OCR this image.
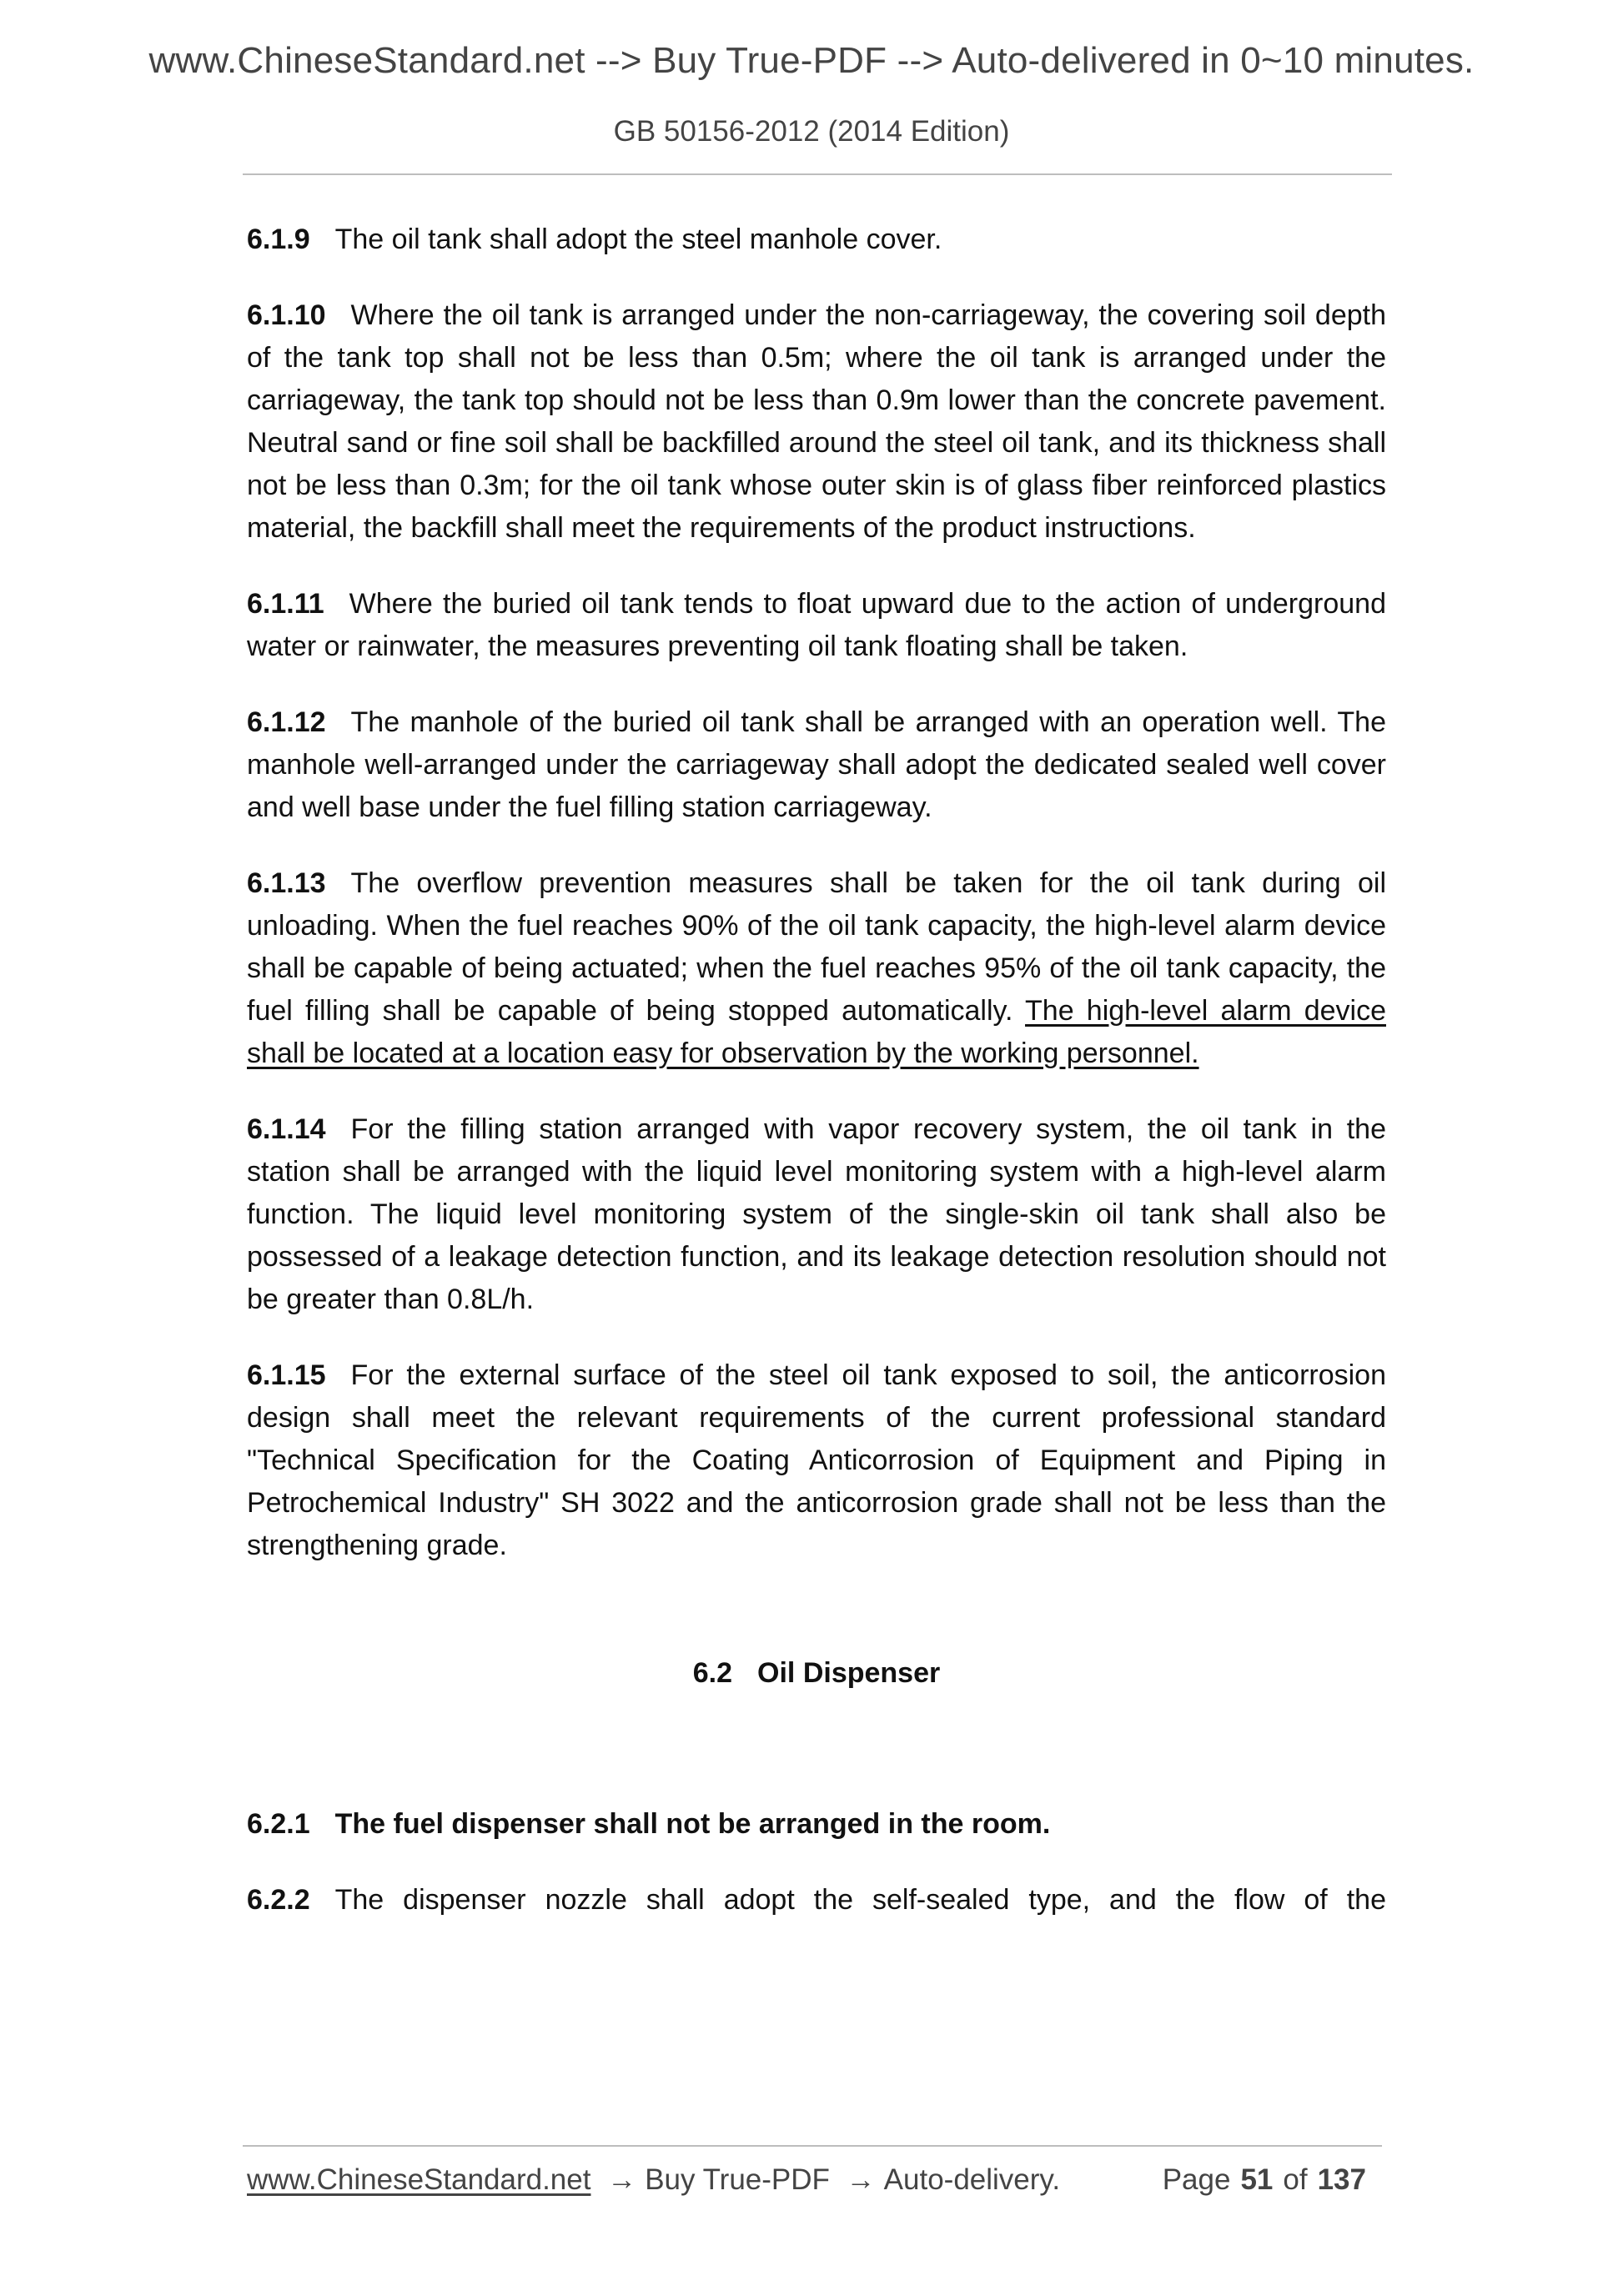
www.ChineseStandard.net --> Buy True-PDF --> Auto-delivered in 0~10 minutes.
GB 50156-2012 (2014 Edition)

6.1.9 The oil tank shall adopt the steel manhole cover.

6.1.10 Where the oil tank is arranged under the non-carriageway, the covering soil depth of the tank top shall not be less than 0.5m; where the oil tank is arranged under the carriageway, the tank top should not be less than 0.9m lower than the concrete pavement. Neutral sand or fine soil shall be backfilled around the steel oil tank, and its thickness shall not be less than 0.3m; for the oil tank whose outer skin is of glass fiber reinforced plastics material, the backfill shall meet the requirements of the product instructions.

6.1.11 Where the buried oil tank tends to float upward due to the action of underground water or rainwater, the measures preventing oil tank floating shall be taken.

6.1.12 The manhole of the buried oil tank shall be arranged with an operation well. The manhole well-arranged under the carriageway shall adopt the dedicated sealed well cover and well base under the fuel filling station carriageway.

6.1.13 The overflow prevention measures shall be taken for the oil tank during oil unloading. When the fuel reaches 90% of the oil tank capacity, the high-level alarm device shall be capable of being actuated; when the fuel reaches 95% of the oil tank capacity, the fuel filling shall be capable of being stopped automatically. The high-level alarm device shall be located at a location easy for observation by the working personnel.

6.1.14 For the filling station arranged with vapor recovery system, the oil tank in the station shall be arranged with the liquid level monitoring system with a high-level alarm function. The liquid level monitoring system of the single-skin oil tank shall also be possessed of a leakage detection function, and its leakage detection resolution should not be greater than 0.8L/h.

6.1.15 For the external surface of the steel oil tank exposed to soil, the anticorrosion design shall meet the relevant requirements of the current professional standard "Technical Specification for the Coating Anticorrosion of Equipment and Piping in Petrochemical Industry" SH 3022 and the anticorrosion grade shall not be less than the strengthening grade.

6.2 Oil Dispenser

6.2.1 The fuel dispenser shall not be arranged in the room.

6.2.2 The dispenser nozzle shall adopt the self-sealed type, and the flow of the

www.ChineseStandard.net → Buy True-PDF → Auto-delivery.	Page 51 of 137
